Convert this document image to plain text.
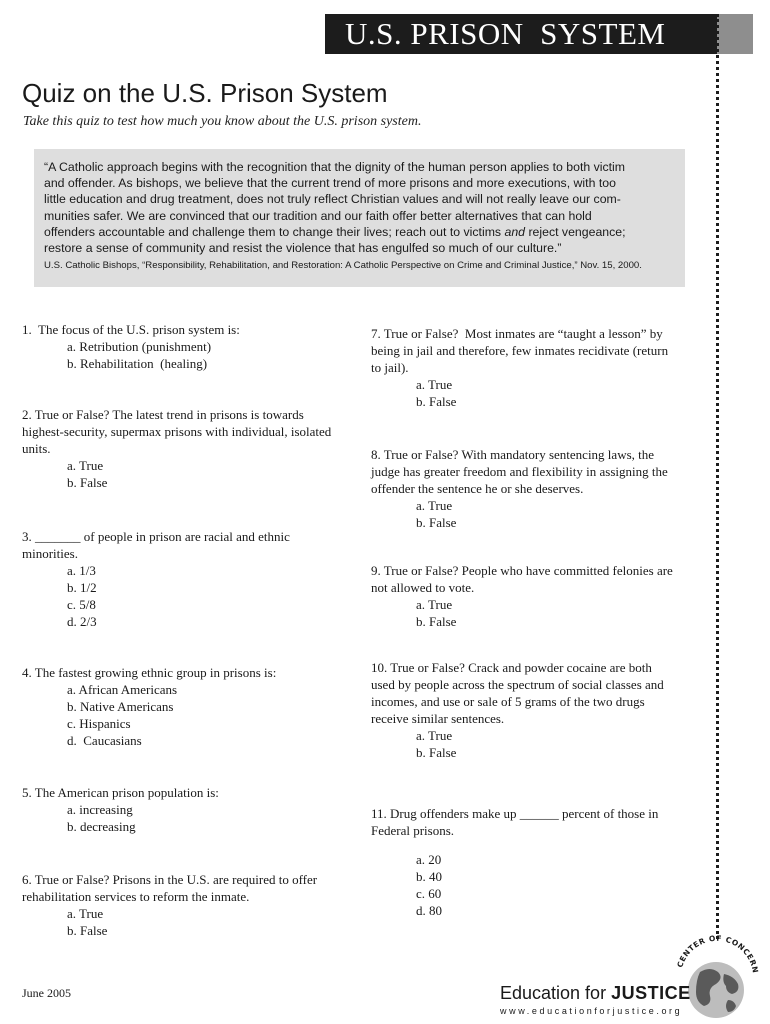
U.S. PRISON  SYSTEM
Quiz on the U.S. Prison System
Take this quiz to test how much you know about the U.S. prison system.
“A Catholic approach begins with the recognition that the dignity of the human person applies to both victim
and offender. As bishops, we believe that the current trend of more prisons and more executions, with too
little education and drug treatment, does not truly reflect Christian values and will not really leave our com-
munities safer. We are convinced that our tradition and our faith offer better alternatives that can hold
offenders accountable and challenge them to change their lives; reach out to victims and reject vengeance;
restore a sense of community and resist the violence that has engulfed so much of our culture.”
U.S. Catholic Bishops, “Responsibility, Rehabilitation, and Restoration: A Catholic Perspective on Crime and Criminal Justice,” Nov. 15, 2000.
1.  The focus of the U.S. prison system is:
a. Retribution (punishment)
b. Rehabilitation  (healing)
2. True or False? The latest trend in prisons is towards
highest-security, supermax prisons with individual, isolated
units.
a. True
b. False
3. _______ of people in prison are racial and ethnic
minorities.
a. 1/3
b. 1/2
c. 5/8
d. 2/3
4. The fastest growing ethnic group in prisons is:
a. African Americans
b. Native Americans
c. Hispanics
d.  Caucasians
5. The American prison population is:
a. increasing
b. decreasing
6. True or False? Prisons in the U.S. are required to offer
rehabilitation services to reform the inmate.
a. True
b. False
7. True or False?  Most inmates are “taught a lesson” by
being in jail and therefore, few inmates recidivate (return
to jail).
a. True
b. False
8. True or False? With mandatory sentencing laws, the
judge has greater freedom and flexibility in assigning the
offender the sentence he or she deserves.
a. True
b. False
9. True or False? People who have committed felonies are
not allowed to vote.
a. True
b. False
10. True or False? Crack and powder cocaine are both
used by people across the spectrum of social classes and
incomes, and use or sale of 5 grams of the two drugs
receive similar sentences.
a. True
b. False
11. Drug offenders make up ______ percent of those in
Federal prisons.
a. 20
b. 40
c. 60
d. 80
June 2005
CENTER OF CONCERN
Education for JUSTICE
www.educationforjustice.org
